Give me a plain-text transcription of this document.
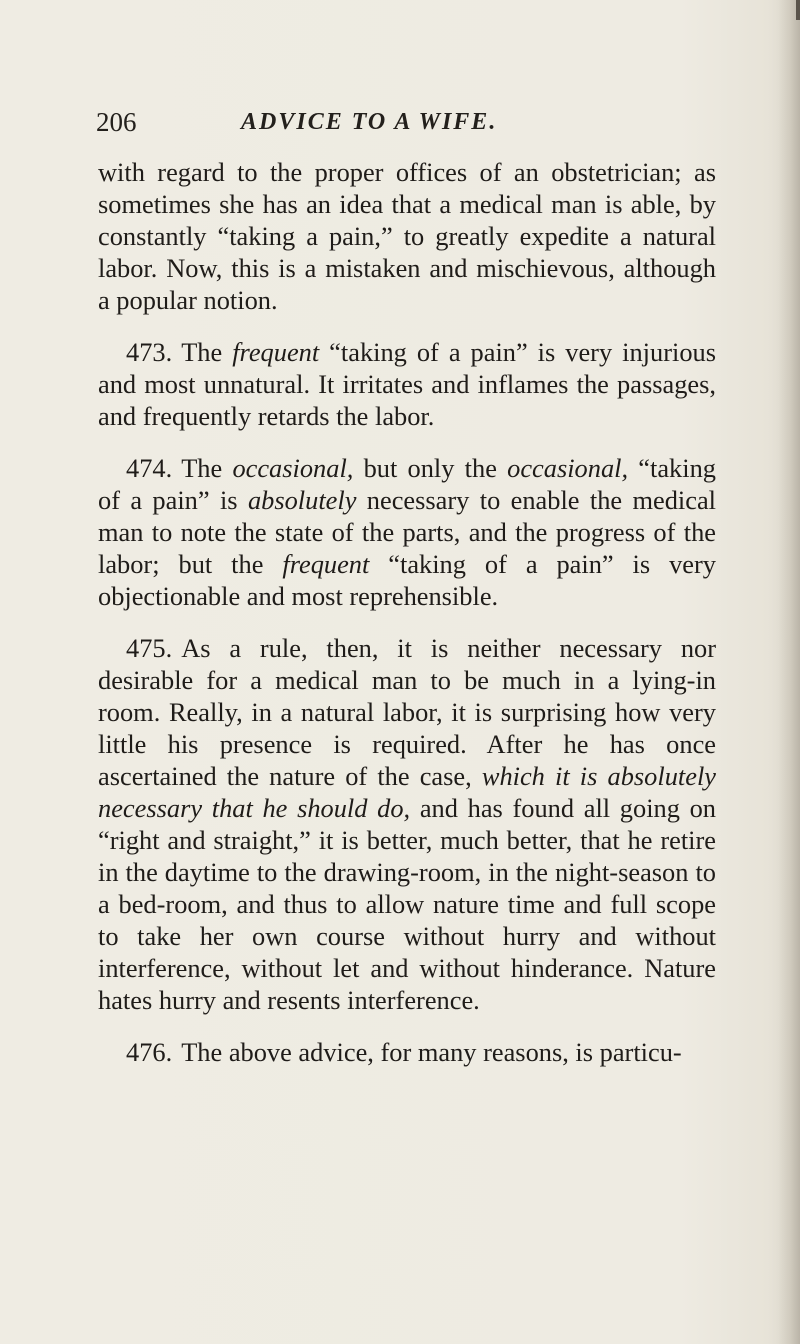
206	ADVICE TO A WIFE.

with regard to the proper offices of an obstetrician; as sometimes she has an idea that a medical man is able, by constantly “taking a pain,” to greatly expedite a natural labor. Now, this is a mistaken and mischievous, although a popular notion.

473. The frequent “taking of a pain” is very injurious and most unnatural. It irritates and inflames the passages, and frequently retards the labor.

474. The occasional, but only the occasional, “taking of a pain” is absolutely necessary to enable the medical man to note the state of the parts, and the progress of the labor; but the frequent “taking of a pain” is very objectionable and most reprehensible.

475. As a rule, then, it is neither necessary nor desirable for a medical man to be much in a lying-in room. Really, in a natural labor, it is surprising how very little his presence is required. After he has once ascertained the nature of the case, which it is absolutely necessary that he should do, and has found all going on “right and straight,” it is better, much better, that he retire in the daytime to the drawing-room, in the night-season to a bed-room, and thus to allow nature time and full scope to take her own course without hurry and without interference, without let and without hinderance. Nature hates hurry and resents interference.

476. The above advice, for many reasons, is particu-
